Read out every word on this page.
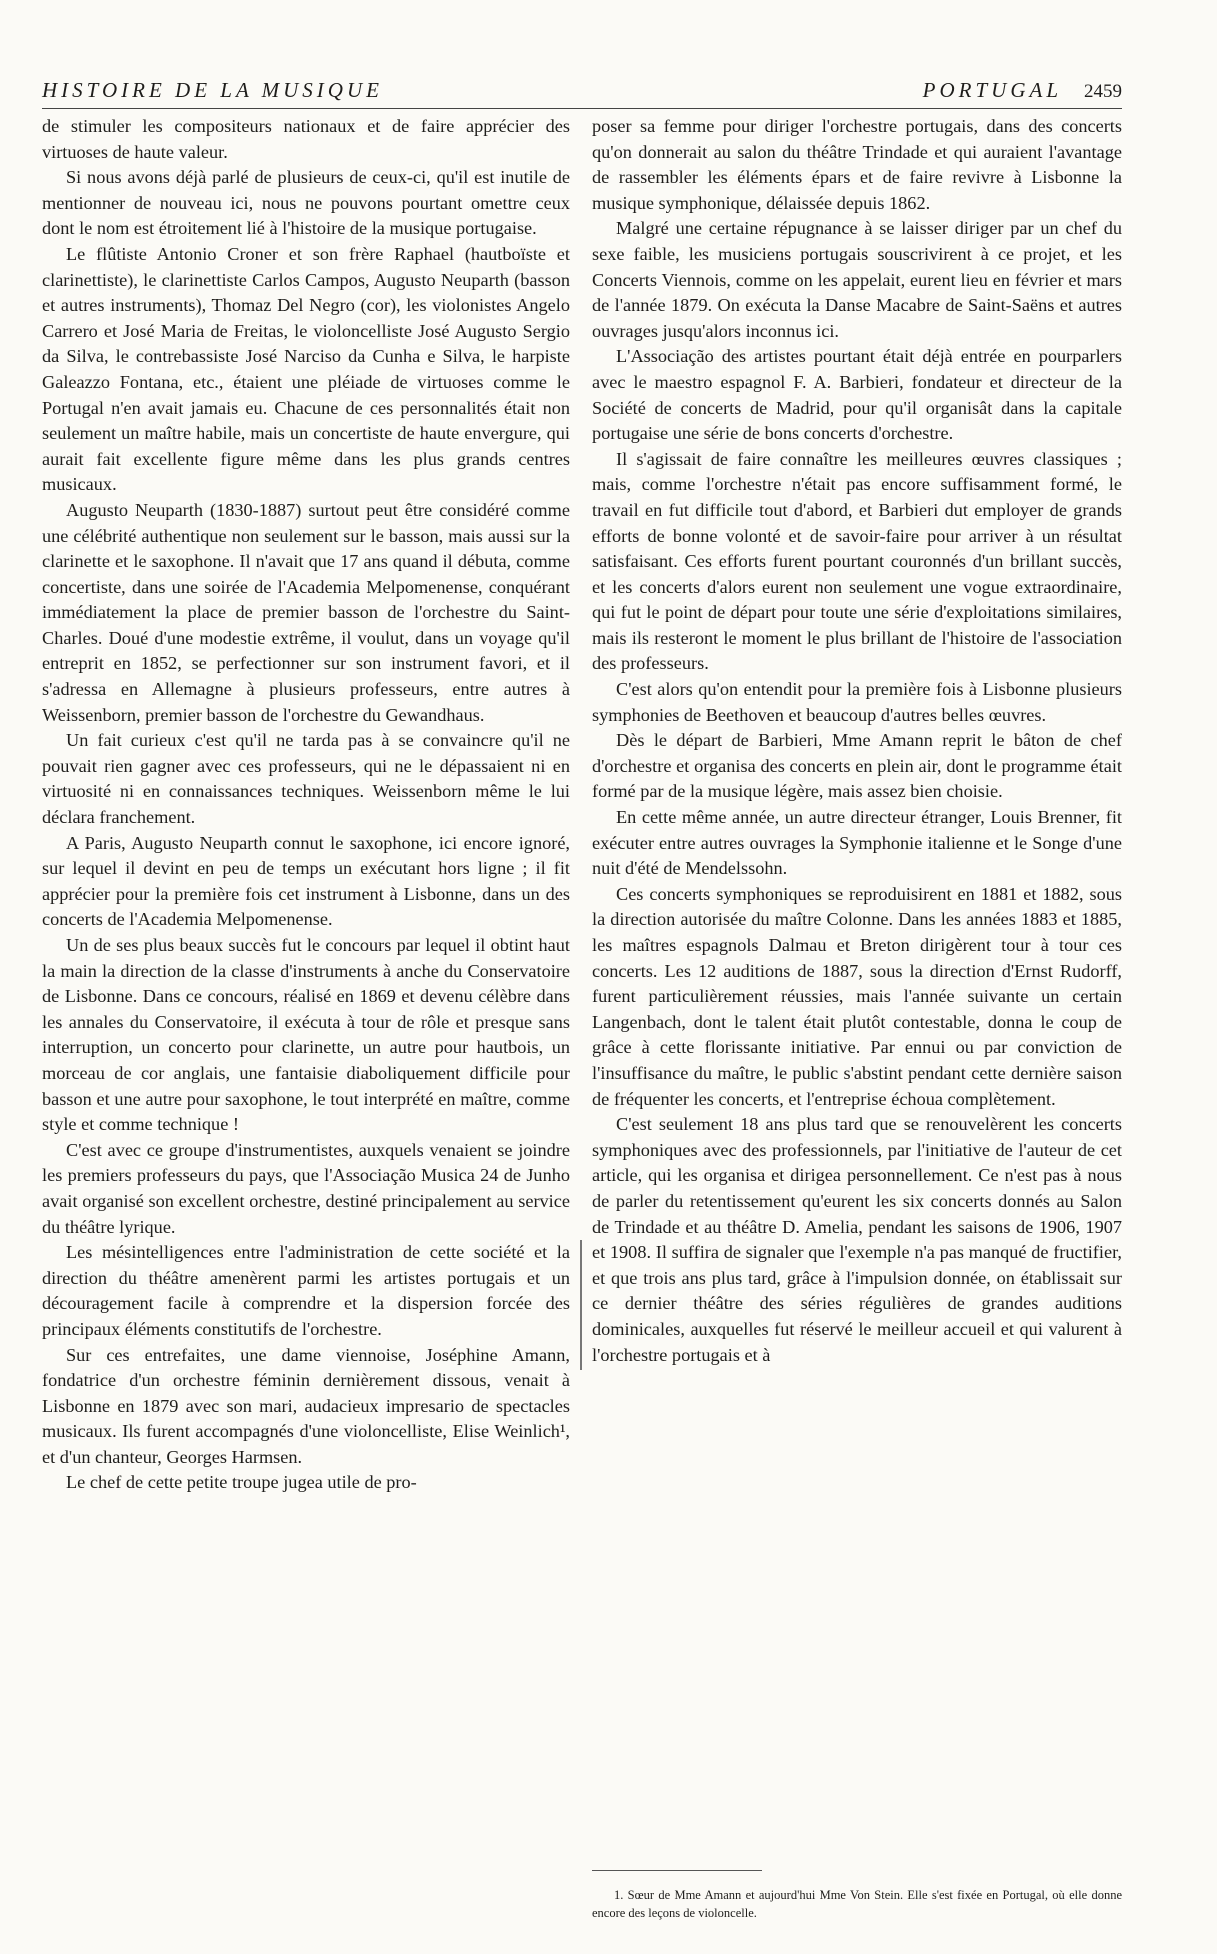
HISTOIRE DE LA MUSIQUE	PORTUGAL 2459

de stimuler les compositeurs nationaux et de faire apprécier des virtuoses de haute valeur.

Si nous avons déjà parlé de plusieurs de ceux-ci, qu'il est inutile de mentionner de nouveau ici, nous ne pouvons pourtant omettre ceux dont le nom est étroitement lié à l'histoire de la musique portugaise.

Le flûtiste Antonio Croner et son frère Raphael (hautboïste et clarinettiste), le clarinettiste Carlos Campos, Augusto Neuparth (basson et autres instruments), Thomaz Del Negro (cor), les violonistes Angelo Carrero et José Maria de Freitas, le violoncelliste José Augusto Sergio da Silva, le contrebassiste José Narciso da Cunha e Silva, le harpiste Galeazzo Fontana, etc., étaient une pléiade de virtuoses comme le Portugal n'en avait jamais eu. Chacune de ces personnalités était non seulement un maître habile, mais un concertiste de haute envergure, qui aurait fait excellente figure même dans les plus grands centres musicaux.

Augusto Neuparth (1830-1887) surtout peut être considéré comme une célébrité authentique non seulement sur le basson, mais aussi sur la clarinette et le saxophone. Il n'avait que 17 ans quand il débuta, comme concertiste, dans une soirée de l'Academia Melpomenense, conquérant immédiatement la place de premier basson de l'orchestre du Saint-Charles. Doué d'une modestie extrême, il voulut, dans un voyage qu'il entreprit en 1852, se perfectionner sur son instrument favori, et il s'adressa en Allemagne à plusieurs professeurs, entre autres à Weissenborn, premier basson de l'orchestre du Gewandhaus.

Un fait curieux c'est qu'il ne tarda pas à se convaincre qu'il ne pouvait rien gagner avec ces professeurs, qui ne le dépassaient ni en virtuosité ni en connaissances techniques. Weissenborn même le lui déclara franchement.

A Paris, Augusto Neuparth connut le saxophone, ici encore ignoré, sur lequel il devint en peu de temps un exécutant hors ligne ; il fit apprécier pour la première fois cet instrument à Lisbonne, dans un des concerts de l'Academia Melpomenense.

Un de ses plus beaux succès fut le concours par lequel il obtint haut la main la direction de la classe d'instruments à anche du Conservatoire de Lisbonne. Dans ce concours, réalisé en 1869 et devenu célèbre dans les annales du Conservatoire, il exécuta à tour de rôle et presque sans interruption, un concerto pour clarinette, un autre pour hautbois, un morceau de cor anglais, une fantaisie diaboliquement difficile pour basson et une autre pour saxophone, le tout interprété en maître, comme style et comme technique !

C'est avec ce groupe d'instrumentistes, auxquels venaient se joindre les premiers professeurs du pays, que l'Associação Musica 24 de Junho avait organisé son excellent orchestre, destiné principalement au service du théâtre lyrique.

Les mésintelligences entre l'administration de cette société et la direction du théâtre amenèrent parmi les artistes portugais et un découragement facile à comprendre et la dispersion forcée des principaux éléments constitutifs de l'orchestre.

Sur ces entrefaites, une dame viennoise, Joséphine Amann, fondatrice d'un orchestre féminin dernièrement dissous, venait à Lisbonne en 1879 avec son mari, audacieux impresario de spectacles musicaux. Ils furent accompagnés d'une violoncelliste, Elise Weinlich¹, et d'un chanteur, Georges Harmsen.

Le chef de cette petite troupe jugea utile de pro-

poser sa femme pour diriger l'orchestre portugais, dans des concerts qu'on donnerait au salon du théâtre Trindade et qui auraient l'avantage de rassembler les éléments épars et de faire revivre à Lisbonne la musique symphonique, délaissée depuis 1862.

Malgré une certaine répugnance à se laisser diriger par un chef du sexe faible, les musiciens portugais souscrivirent à ce projet, et les Concerts Viennois, comme on les appelait, eurent lieu en février et mars de l'année 1879. On exécuta la Danse Macabre de Saint-Saëns et autres ouvrages jusqu'alors inconnus ici.

L'Associação des artistes pourtant était déjà entrée en pourparlers avec le maestro espagnol F. A. Barbieri, fondateur et directeur de la Société de concerts de Madrid, pour qu'il organisât dans la capitale portugaise une série de bons concerts d'orchestre.

Il s'agissait de faire connaître les meilleures œuvres classiques ; mais, comme l'orchestre n'était pas encore suffisamment formé, le travail en fut difficile tout d'abord, et Barbieri dut employer de grands efforts de bonne volonté et de savoir-faire pour arriver à un résultat satisfaisant. Ces efforts furent pourtant couronnés d'un brillant succès, et les concerts d'alors eurent non seulement une vogue extraordinaire, qui fut le point de départ pour toute une série d'exploitations similaires, mais ils resteront le moment le plus brillant de l'histoire de l'association des professeurs.

C'est alors qu'on entendit pour la première fois à Lisbonne plusieurs symphonies de Beethoven et beaucoup d'autres belles œuvres.

Dès le départ de Barbieri, Mme Amann reprit le bâton de chef d'orchestre et organisa des concerts en plein air, dont le programme était formé par de la musique légère, mais assez bien choisie.

En cette même année, un autre directeur étranger, Louis Brenner, fit exécuter entre autres ouvrages la Symphonie italienne et le Songe d'une nuit d'été de Mendelssohn.

Ces concerts symphoniques se reproduisirent en 1881 et 1882, sous la direction autorisée du maître Colonne. Dans les années 1883 et 1885, les maîtres espagnols Dalmau et Breton dirigèrent tour à tour ces concerts. Les 12 auditions de 1887, sous la direction d'Ernst Rudorff, furent particulièrement réussies, mais l'année suivante un certain Langenbach, dont le talent était plutôt contestable, donna le coup de grâce à cette florissante initiative. Par ennui ou par conviction de l'insuffisance du maître, le public s'abstint pendant cette dernière saison de fréquenter les concerts, et l'entreprise échoua complètement.

C'est seulement 18 ans plus tard que se renouvelèrent les concerts symphoniques avec des professionnels, par l'initiative de l'auteur de cet article, qui les organisa et dirigea personnellement. Ce n'est pas à nous de parler du retentissement qu'eurent les six concerts donnés au Salon de Trindade et au théâtre D. Amelia, pendant les saisons de 1906, 1907 et 1908. Il suffira de signaler que l'exemple n'a pas manqué de fructifier, et que trois ans plus tard, grâce à l'impulsion donnée, on établissait sur ce dernier théâtre des séries régulières de grandes auditions dominicales, auxquelles fut réservé le meilleur accueil et qui valurent à l'orchestre portugais et à

1. Sœur de Mme Amann et aujourd'hui Mme Von Stein. Elle s'est fixée en Portugal, où elle donne encore des leçons de violoncelle.
